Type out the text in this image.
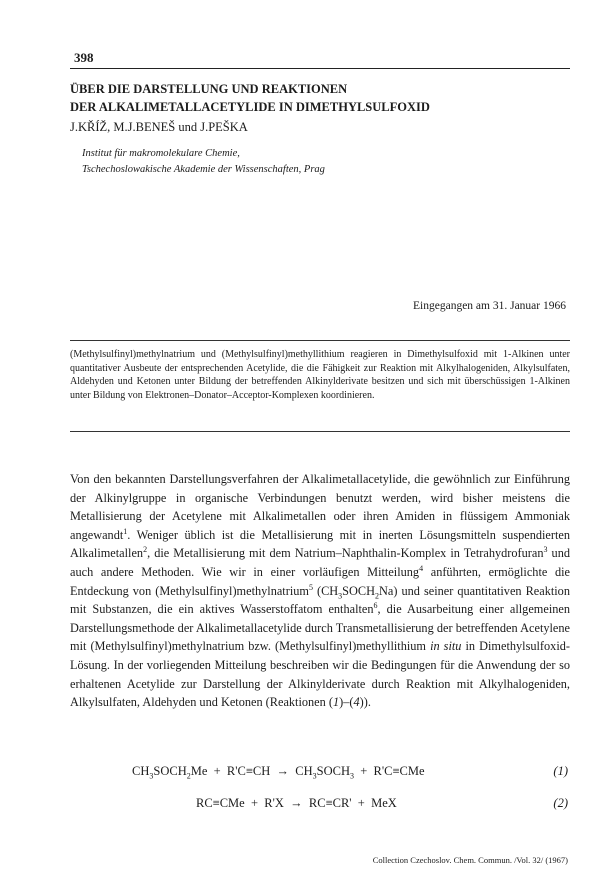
398
ÜBER DIE DARSTELLUNG UND REAKTIONEN
DER ALKALIMETALLACETYLIDE IN DIMETHYLSULFOXID
J.KŘÍŽ, M.J.BENEŠ und J.PEŠKA
Institut für makromolekulare Chemie,
Tschechoslowakische Akademie der Wissenschaften, Prag
Eingegangen am 31. Januar 1966
(Methylsulfinyl)methylnatrium und (Methylsulfinyl)methyllithium reagieren in Dimethylsulfoxid mit 1-Alkinen unter quantitativer Ausbeute der entsprechenden Acetylide, die die Fähigkeit zur Reaktion mit Alkylhalogeniden, Alkylsulfaten, Aldehyden und Ketonen unter Bildung der betreffenden Alkinylderivate besitzen und sich mit überschüssigen 1-Alkinen unter Bildung von Elektronen–Donator–Acceptor-Komplexen koordinieren.
Von den bekannten Darstellungsverfahren der Alkalimetallacetylide, die gewöhnlich zur Einführung der Alkinylgruppe in organische Verbindungen benutzt werden, wird bisher meistens die Metallisierung der Acetylene mit Alkalimetallen oder ihren Amiden in flüssigem Ammoniak angewandt$^1$. Weniger üblich ist die Metallisierung mit in inerten Lösungsmitteln suspendierten Alkalimetallen$^2$, die Metallisierung mit dem Natrium–Naphthalin-Komplex in Tetrahydrofuran$^3$ und auch andere Methoden. Wie wir in einer vorläufigen Mitteilung$^4$ anführten, ermöglichte die Entdeckung von (Methylsulfinyl)methylnatrium$^5$ $(CH_3SOCH_2Na)$ und seiner quantitativen Reaktion mit Substanzen, die ein aktives Wasserstoffatom enthalten$^6$, die Ausarbeitung einer allgemeinen Darstellungsmethode der Alkalimetallacetylide durch Transmetallisierung der betreffenden Acetylene mit (Methylsulfinyl)methylnatrium bzw. (Methylsulfinyl)methyllithium in situ in Dimethylsulfoxid-Lösung. In der vorliegenden Mitteilung beschreiben wir die Bedingungen für die Anwendung der so erhaltenen Acetylide zur Darstellung der Alkinylderivate durch Reaktion mit Alkylhalogeniden, Alkylsulfaten, Aldehyden und Ketonen (Reaktionen (1)–(4)).
$CH_3SOCH_2Me + R'C\equiv CH$  →  $CH_3SOCH_3 + R'C\equiv CMe$	(1)
RC≡CMe  +  R'X  →  RC≡CR'  +  MeX	(2)
Collection Czechoslov. Chem. Commun. /Vol. 32/ (1967)
